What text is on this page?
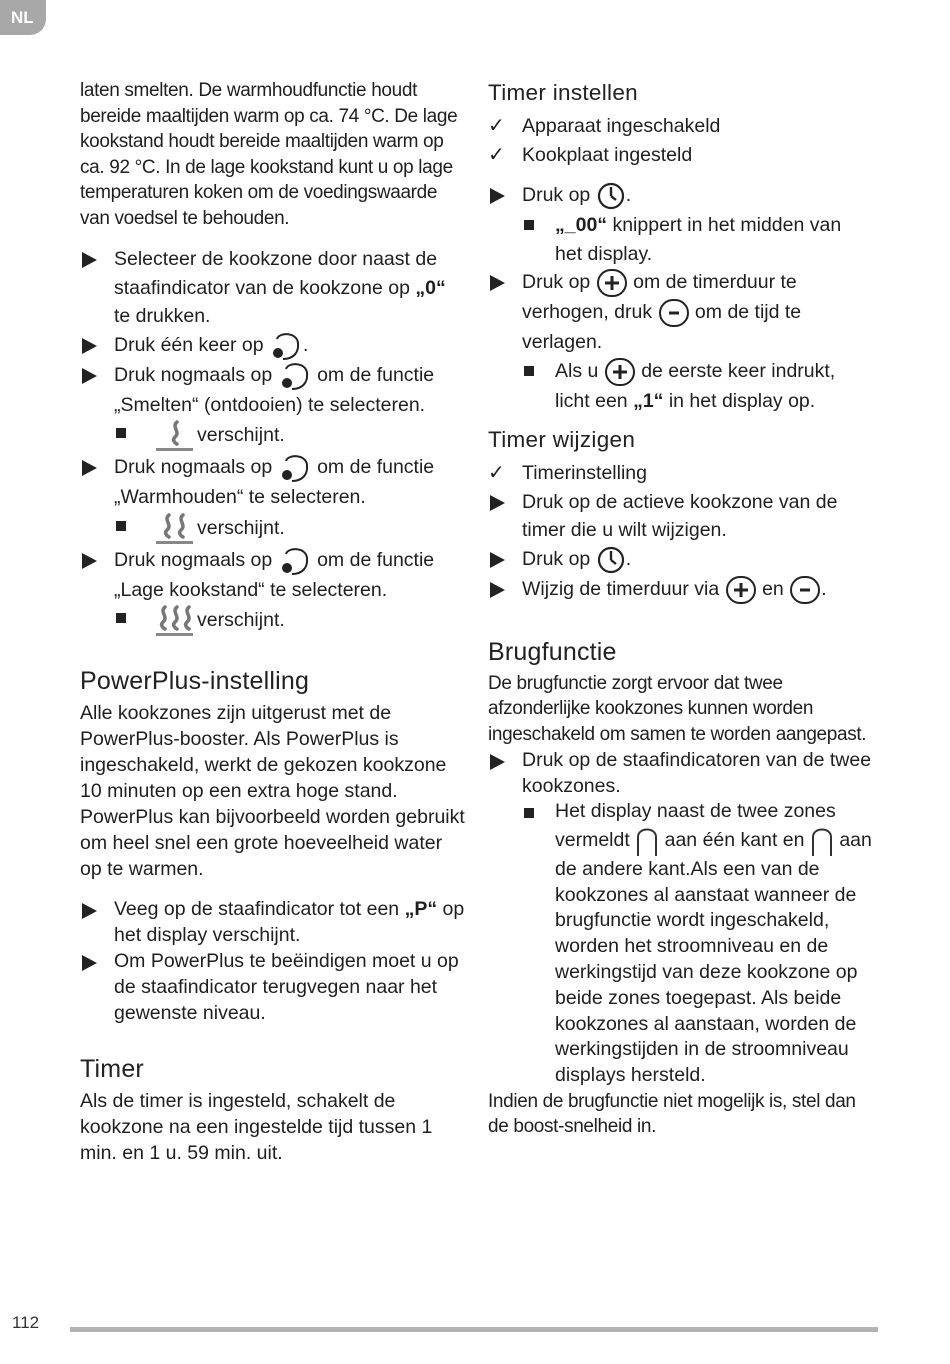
NL

laten smelten. De warmhoudfunctie houdt bereide maaltijden warm op ca. 74 °C. De lage kookstand houdt bereide maaltijden warm op ca. 92 °C. In de lage kookstand kunt u op lage temperaturen koken om de voedingswaarde van voedsel te behouden.

Selecteer de kookzone door naast de staafindicator van de kookzone op „0“ te drukken.
Druk één keer op .
Druk nogmaals op  om de functie „Smelten“ (ontdooien) te selecteren.
verschijnt.
Druk nogmaals op  om de functie „Warmhouden“ te selecteren.
verschijnt.
Druk nogmaals op  om de functie „Lage kookstand“ te selecteren.
verschijnt.
PowerPlus-instelling

Alle kookzones zijn uitgerust met de PowerPlus-booster. Als PowerPlus is ingeschakeld, werkt de gekozen kookzone 10 minuten op een extra hoge stand. PowerPlus kan bijvoorbeeld worden gebruikt om heel snel een grote hoeveelheid water op te warmen.

Veeg op de staafindicator tot een „P“ op het display verschijnt.
Om PowerPlus te beëindigen moet u op de staafindicator terugvegen naar het gewenste niveau.
Timer

Als de timer is ingesteld, schakelt de kookzone na een ingestelde tijd tussen 1 min. en 1 u. 59 min. uit.

Timer instellen
✓ Apparaat ingeschakeld
✓ Kookplaat ingesteld
Druk op .
„_00“ knippert in het midden van het display.
Druk op  om de timerduur te verhogen, druk  om de tijd te verlagen.
Als u  de eerste keer indrukt, licht een „1“ in het display op.
Timer wijzigen
✓ Timerinstelling
Druk op de actieve kookzone van de timer die u wilt wijzigen.
Druk op .
Wijzig de timerduur via  en .
Brugfunctie

De brugfunctie zorgt ervoor dat twee afzonderlijke kookzones kunnen worden ingeschakeld om samen te worden aangepast.

Druk op de staafindicatoren van de twee kookzones.
Het display naast de twee zones vermeldt  aan één kant en  aan de andere kant.Als een van de kookzones al aanstaat wanneer de brugfunctie wordt ingeschakeld, worden het stroomniveau en de werkingstijd van deze kookzone op beide zones toegepast. Als beide kookzones al aanstaan, worden de werkingstijden in de stroomniveau displays hersteld.

Indien de brugfunctie niet mogelijk is, stel dan de boost-snelheid in.

112
